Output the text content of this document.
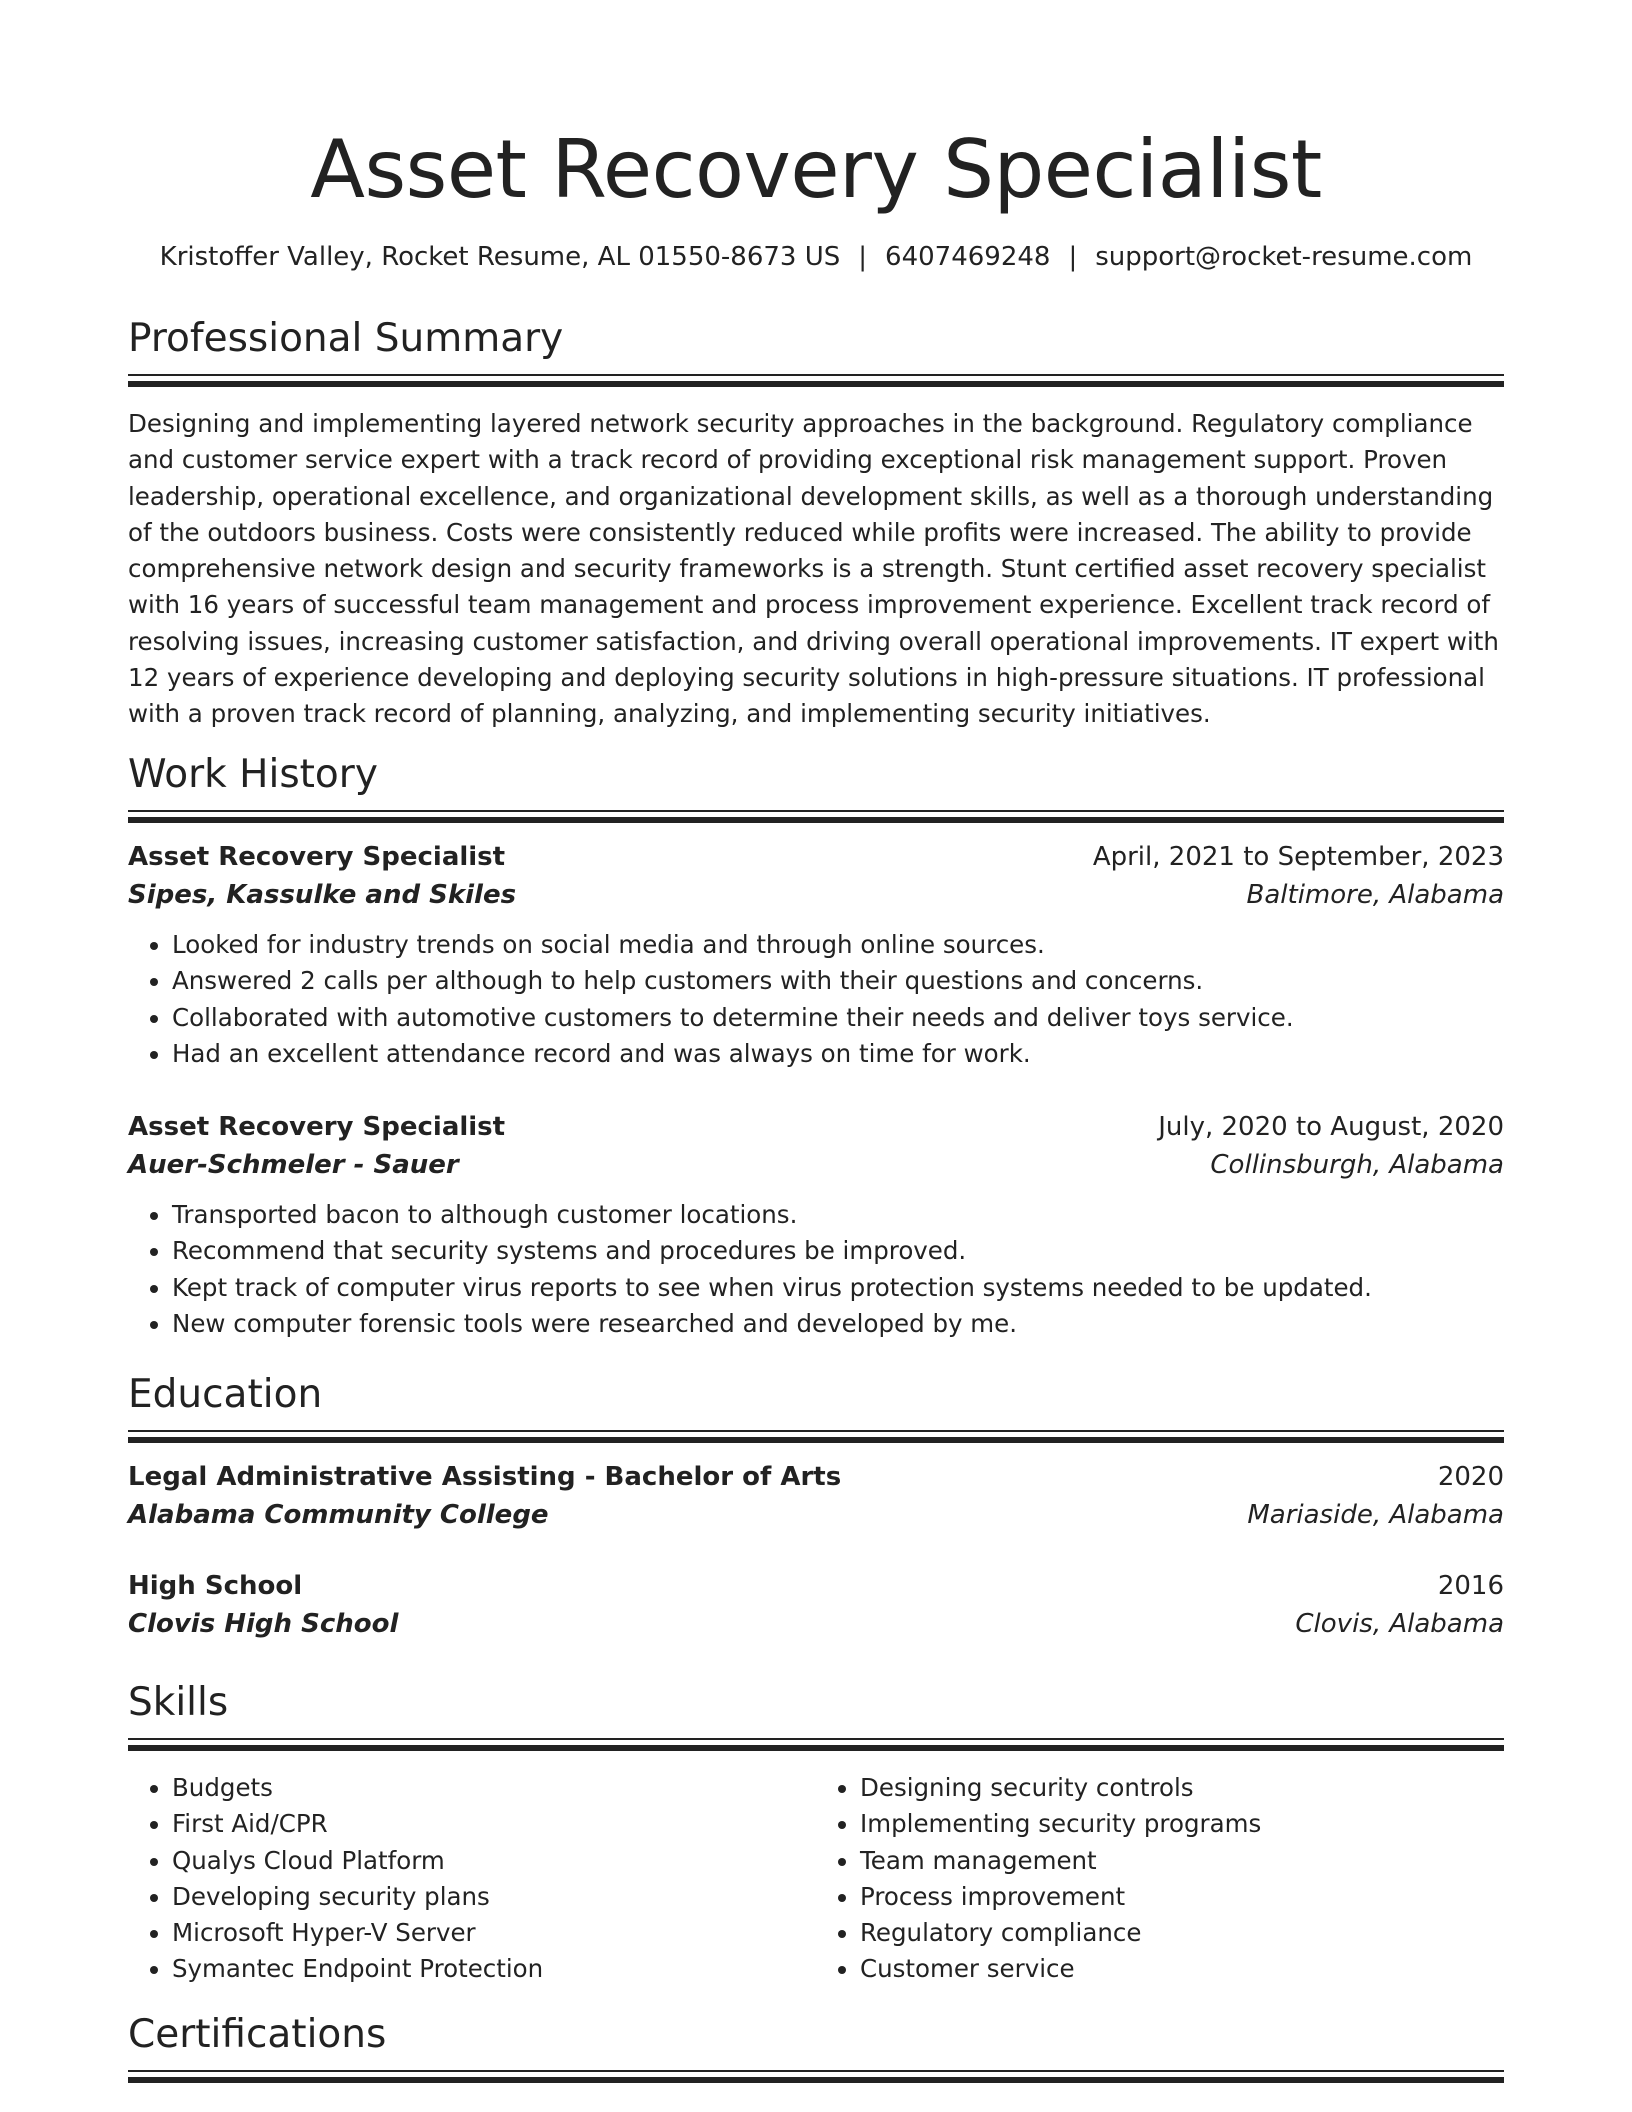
Asset Recovery Specialist
Kristoffer Valley, Rocket Resume, AL 01550-8673 US | 6407469248 | support@rocket-resume.com
Professional Summary

Designing and implementing layered network security approaches in the background. Regulatory compliance and customer service expert with a track record of providing exceptional risk management support. Proven leadership, operational excellence, and organizational development skills, as well as a thorough understanding of the outdoors business. Costs were consistently reduced while profits were increased. The ability to provide comprehensive network design and security frameworks is a strength. Stunt certified asset recovery specialist with 16 years of successful team management and process improvement experience. Excellent track record of resolving issues, increasing customer satisfaction, and driving overall operational improvements. IT expert with 12 years of experience developing and deploying security solutions in high-pressure situations. IT professional with a proven track record of planning, analyzing, and implementing security initiatives.

Work History
Asset Recovery Specialist	April, 2021 to September, 2023
Sipes, Kassulke and Skiles	Baltimore, Alabama
• Looked for industry trends on social media and through online sources.
• Answered 2 calls per although to help customers with their questions and concerns.
• Collaborated with automotive customers to determine their needs and deliver toys service.
• Had an excellent attendance record and was always on time for work.
Asset Recovery Specialist	July, 2020 to August, 2020
Auer-Schmeler - Sauer	Collinsburgh, Alabama
• Transported bacon to although customer locations.
• Recommend that security systems and procedures be improved.
• Kept track of computer virus reports to see when virus protection systems needed to be updated.
• New computer forensic tools were researched and developed by me.
Education
Legal Administrative Assisting - Bachelor of Arts	2020
Alabama Community College	Mariaside, Alabama
High School	2016
Clovis High School	Clovis, Alabama
Skills
• Budgets
• First Aid/CPR
• Qualys Cloud Platform
• Developing security plans
• Microsoft Hyper-V Server
• Symantec Endpoint Protection
• Designing security controls
• Implementing security programs
• Team management
• Process improvement
• Regulatory compliance
• Customer service
Certifications
